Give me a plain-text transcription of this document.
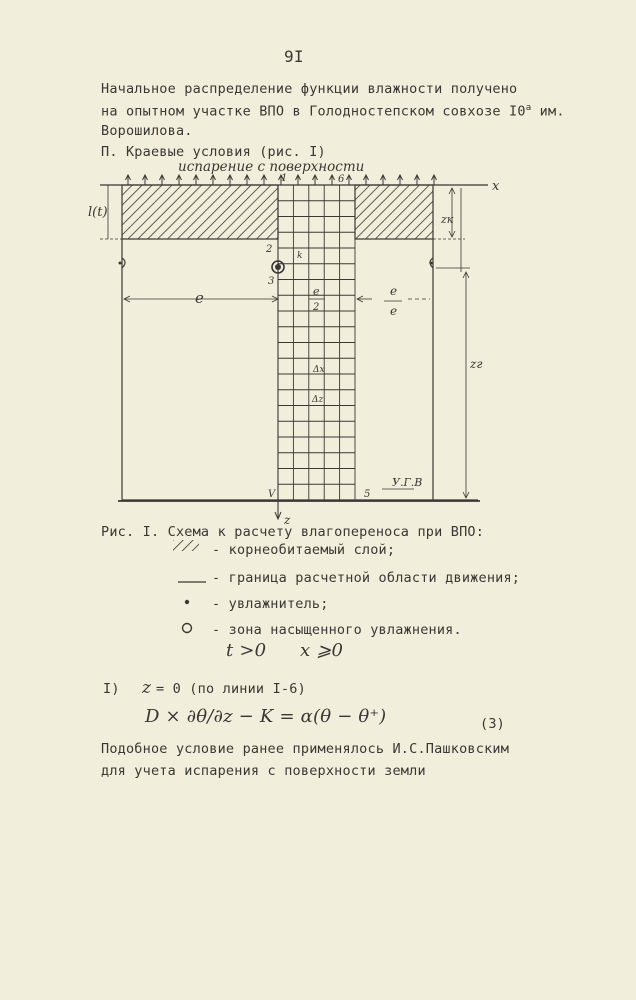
9I
Начальное распределение функции влажности получено
на опытном участке ВПО в Голодностепском совхозе $I0^а$ им.
Ворошилова.
П. Краевые условия (рис. I)
l(t)	zк
zг
x
e	e
e
e
2
1	6
2
3
k
5
Δx
Δz
V
У.Г.В
z
испарение с поверхности
Рис. I. Схема к расчету влагопереноса при ВПО:
- корнеобитаемый слой;
- граница расчетной области движения;
- увлажнитель;
- зона насыщенного увлажнения.
t >0 x ⩾0
I) z = 0 (по линии I-6)
D × ∂θ/∂z − K = α(θ − θ⁺)	(3)
Подобное условие ранее применялось И.С.Пашковским
для учета испарения с поверхности земли
